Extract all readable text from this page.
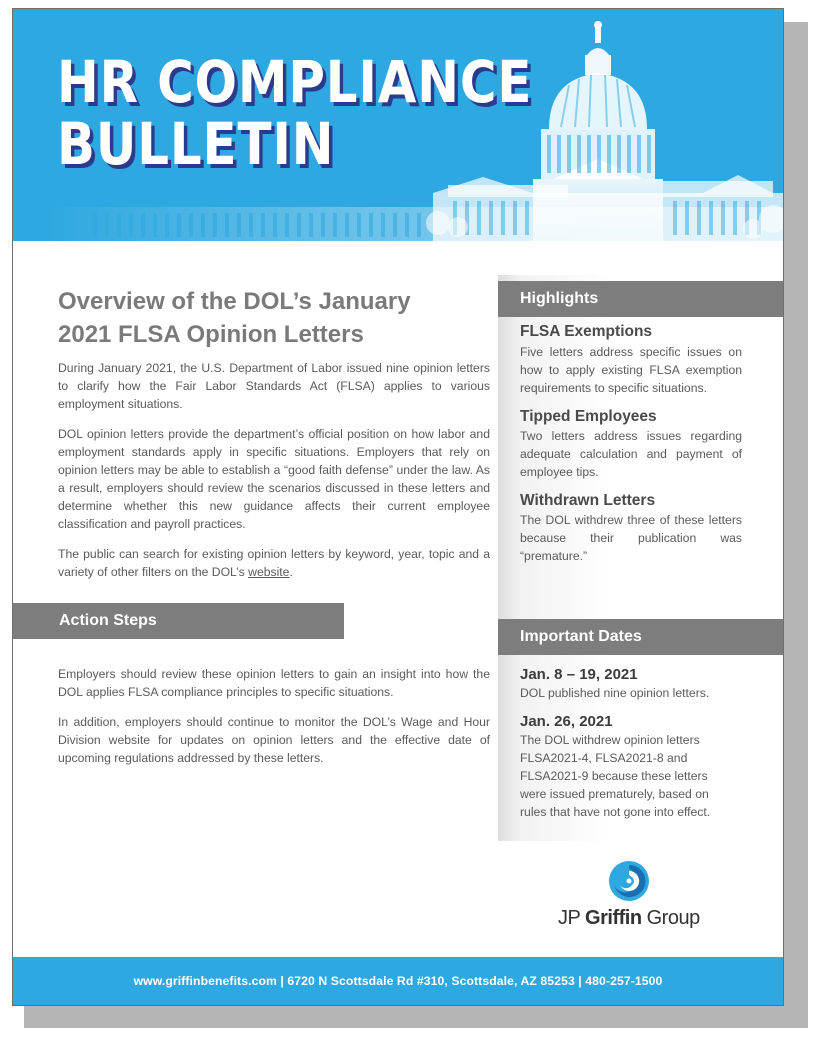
HR COMPLIANCE
BULLETIN
Overview of the DOL’s January
2021 FLSA Opinion Letters

During January 2021, the U.S. Department of Labor issued nine opinion letters to clarify how the Fair Labor Standards Act (FLSA) applies to various employment situations.

DOL opinion letters provide the department’s official position on how labor and employment standards apply in specific situations. Employers that rely on opinion letters may be able to establish a “good faith defense” under the law. As a result, employers should review the scenarios discussed in these letters and determine whether this new guidance affects their current employee classification and payroll practices.

The public can search for existing opinion letters by keyword, year, topic and a variety of other filters on the DOL’s website.

Action Steps

Employers should review these opinion letters to gain an insight into how the DOL applies FLSA compliance principles to specific situations.

In addition, employers should continue to monitor the DOL’s Wage and Hour Division website for updates on opinion letters and the effective date of upcoming regulations addressed by these letters.

Highlights
FLSA Exemptions

Five letters address specific issues on how to apply existing FLSA exemption requirements to specific situations.

Tipped Employees

Two letters address issues regarding adequate calculation and payment of employee tips.

Withdrawn Letters

The DOL withdrew three of these letters because their publication was “premature.”

Important Dates
Jan. 8 – 19, 2021

DOL published nine opinion letters.

Jan. 26, 2021

The DOL withdrew opinion letters FLSA2021-4, FLSA2021-8 and FLSA2021-9 because these letters were issued prematurely, based on rules that have not gone into effect.

JP Griffin Group
www.griffinbenefits.com | 6720 N Scottsdale Rd #310, Scottsdale, AZ 85253 | 480-257-1500
